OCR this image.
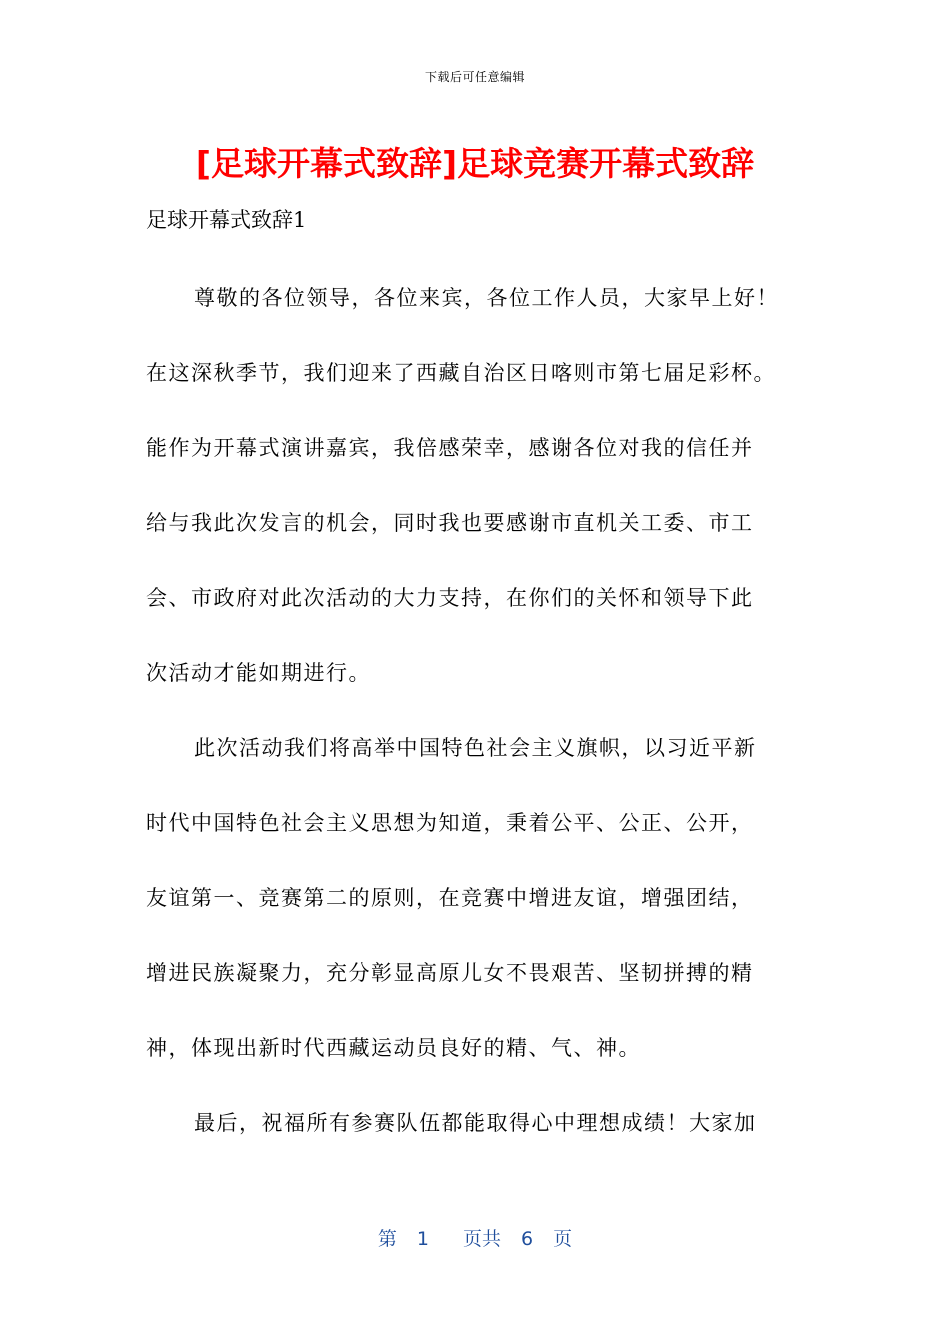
下载后可任意编辑
[足球开幕式致辞]足球竞赛开幕式致辞

足球开幕式致辞1

尊敬的各位领导，各位来宾，各位工作人员，大家早上好！
在这深秋季节，我们迎来了西藏自治区日喀则市第七届足彩杯。
能作为开幕式演讲嘉宾，我倍感荣幸，感谢各位对我的信任并
给与我此次发言的机会，同时我也要感谢市直机关工委、市工
会、市政府对此次活动的大力支持，在你们的关怀和领导下此
次活动才能如期进行。
此次活动我们将高举中国特色社会主义旗帜，以习近平新
时代中国特色社会主义思想为知道，秉着公平、公正、公开，
友谊第一、竞赛第二的原则，在竞赛中增进友谊，增强团结，
增进民族凝聚力，充分彰显高原儿女不畏艰苦、坚韧拼搏的精
神，体现出新时代西藏运动员良好的精、气、神。
最后，祝福所有参赛队伍都能取得心中理想成绩！大家加
第 1 页共 6 页
